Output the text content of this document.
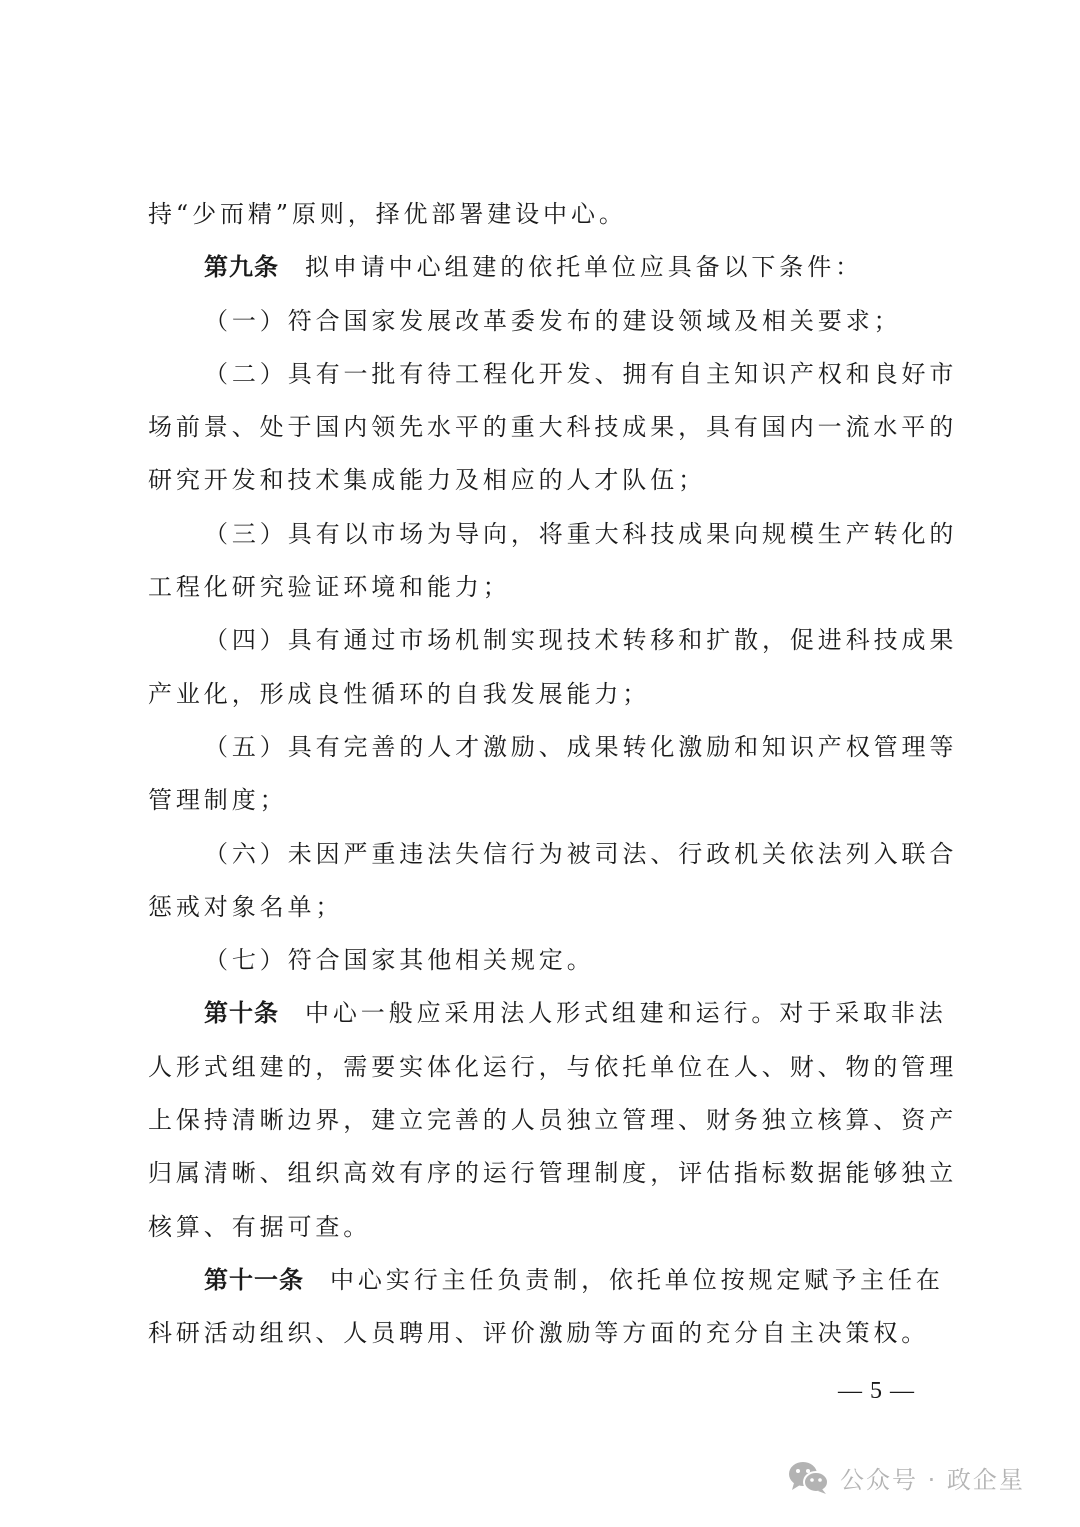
持“少而精”原则，择优部署建设中心。
第九条 拟申请中心组建的依托单位应具备以下条件：
（一）符合国家发展改革委发布的建设领域及相关要求；
（二）具有一批有待工程化开发、拥有自主知识产权和良好市
场前景、处于国内领先水平的重大科技成果，具有国内一流水平的
研究开发和技术集成能力及相应的人才队伍；
（三）具有以市场为导向，将重大科技成果向规模生产转化的
工程化研究验证环境和能力；
（四）具有通过市场机制实现技术转移和扩散，促进科技成果
产业化，形成良性循环的自我发展能力；
（五）具有完善的人才激励、成果转化激励和知识产权管理等
管理制度；
（六）未因严重违法失信行为被司法、行政机关依法列入联合
惩戒对象名单；
（七）符合国家其他相关规定。
第十条 中心一般应采用法人形式组建和运行。对于采取非法
人形式组建的，需要实体化运行，与依托单位在人、财、物的管理
上保持清晰边界，建立完善的人员独立管理、财务独立核算、资产
归属清晰、组织高效有序的运行管理制度，评估指标数据能够独立
核算、有据可查。
第十一条 中心实行主任负责制，依托单位按规定赋予主任在
科研活动组织、人员聘用、评价激励等方面的充分自主决策权。
— 5 —
公众号 · 政企星
